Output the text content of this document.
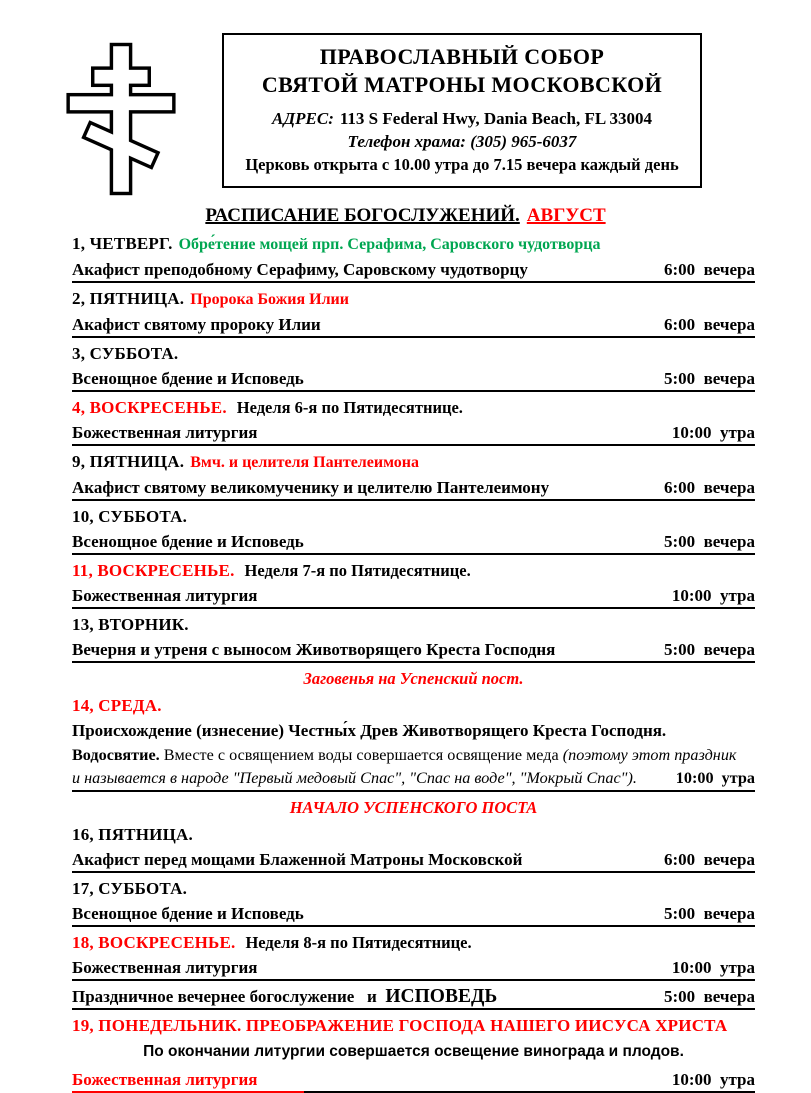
ПРАВОСЛАВНЫЙ СОБОР
СВЯТОЙ МАТРОНЫ МОСКОВСКОЙ
АДРЕС: 113 S Federal Hwy, Dania Beach, FL 33004
Телефон храма: (305) 965-6037
Церковь открыта с 10.00 утра до 7.15 вечера каждый день
РАСПИСАНИЕ БОГОСЛУЖЕНИЙ. АВГУСТ
1, ЧЕТВЕРГ. Обре́тение мощей прп. Серафима, Саровского чудотворца
Акафист преподобному Серафиму, Саровскому чудотворцу	6:00  вечера
2, ПЯТНИЦА. Пророка Божия Илии
Акафист святому пророку Илии	6:00  вечера
3, СУББОТА.
Всенощное бдение и Исповедь	5:00  вечера
4, ВОСКРЕСЕНЬЕ. Неделя 6-я по Пятидесятнице.
Божественная литургия	10:00  утра
9, ПЯТНИЦА. Вмч. и целителя Пантелеимона
Акафист святому великомученику и целителю Пантелеимону	6:00  вечера
10, СУББОТА.
Всенощное бдение и Исповедь	5:00  вечера
11, ВОСКРЕСЕНЬЕ. Неделя 7-я по Пятидесятнице.
Божественная литургия	10:00  утра
13, ВТОРНИК.
Вечерня и утреня с выносом Животворящего Креста Господня	5:00  вечера
Заговенья на Успенский пост.
14, СРЕДА.
Происхождение (изнесение) Честны́х Древ Животворящего Креста Господня.
Водосвятие. Вместе с освящением воды совершается освящение меда (поэтому этот праздник
и называется в народе "Первый медовый Спас", "Спас на воде", "Мокрый Спас"). 10:00  утра
НАЧАЛО УСПЕНСКОГО ПОСТА
16, ПЯТНИЦА.
Акафист перед мощами Блаженной Матроны Московской	6:00  вечера
17, СУББОТА.
Всенощное бдение и Исповедь	5:00  вечера
18, ВОСКРЕСЕНЬЕ. Неделя 8-я по Пятидесятнице.
Божественная литургия	10:00  утра
Праздничное вечернее богослужение   и  ИСПОВЕДЬ	5:00  вечера
19, ПОНЕДЕЛЬНИК. ПРЕОБРАЖЕНИЕ ГОСПОДА НАШЕГО ИИСУСА ХРИСТА
По окончании литургии совершается освещение винограда и плодов.
Божественная литургия	10:00  утра
